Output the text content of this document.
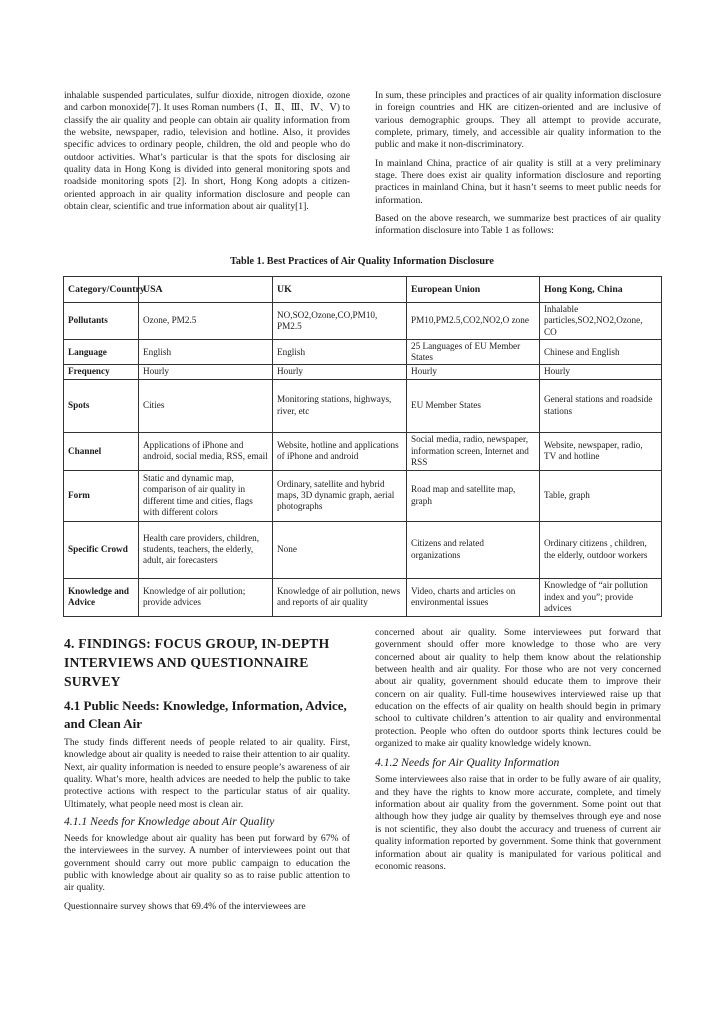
inhalable suspended particulates, sulfur dioxide, nitrogen dioxide, ozone and carbon monoxide[7]. It uses Roman numbers (Ⅰ、Ⅱ、Ⅲ、Ⅳ、Ⅴ) to classify the air quality and people can obtain air quality information from the website, newspaper, radio, television and hotline. Also, it provides specific advices to ordinary people, children, the old and people who do outdoor activities. What’s particular is that the spots for disclosing air quality data in Hong Kong is divided into general monitoring spots and roadside monitoring spots [2]. In short, Hong Kong adopts a citizen-oriented approach in air quality information disclosure and people can obtain clear, scientific and true information about air quality[1].

In sum, these principles and practices of air quality information disclosure in foreign countries and HK are citizen-oriented and are inclusive of various demographic groups. They all attempt to provide accurate, complete, primary, timely, and accessible air quality information to the public and make it non-discriminatory.

In mainland China, practice of air quality is still at a very preliminary stage. There does exist air quality information disclosure and reporting practices in mainland China, but it hasn’t seems to meet public needs for information.

Based on the above research, we summarize best practices of air quality information disclosure into Table 1 as follows:

Table 1. Best Practices of Air Quality Information Disclosure
Category/Country	USA	UK	European Union	Hong Kong, China
Pollutants	Ozone, PM2.5	NO,SO2,Ozone,CO,PM10, PM2.5	PM10,PM2.5,CO2,NO2,O zone	Inhalable particles,SO2,NO2,Ozone, CO
Language	English	English	25 Languages of EU Member States	Chinese and English
Frequency	Hourly	Hourly	Hourly	Hourly
Spots	Cities	Monitoring stations, highways, river, etc	EU Member States	General stations and roadside stations
Channel	Applications of iPhone and android, social media, RSS, email	Website, hotline and applications of iPhone and android	Social media, radio, newspaper, information screen, Internet and RSS	Website, newspaper, radio, TV and hotline
Form	Static and dynamic map, comparison of air quality in different time and cities, flags with different colors	Ordinary, satellite and hybrid maps, 3D dynamic graph, aerial photographs	Road map and satellite map, graph	Table, graph
Specific Crowd	Health care providers, children, students, teachers, the elderly, adult, air forecasters	None	Citizens and related organizations	Ordinary citizens , children, the elderly, outdoor workers
Knowledge and Advice	Knowledge of air pollution; provide advices	Knowledge of air pollution, news and reports of air quality	Video, charts and articles on environmental issues	Knowledge of “air pollution index and you”; provide advices
4. FINDINGS: FOCUS GROUP, IN-DEPTH INTERVIEWS AND QUESTIONNAIRE SURVEY
4.1 Public Needs: Knowledge, Information, Advice, and Clean Air

The study finds different needs of people related to air quality. First, knowledge about air quality is needed to raise their attention to air quality. Next, air quality information is needed to ensure people’s awareness of air quality. What’s more, health advices are needed to help the public to take protective actions with respect to the particular status of air quality. Ultimately, what people need most is clean air.

4.1.1 Needs for Knowledge about Air Quality

Needs for knowledge about air quality has been put forward by 67% of the interviewees in the survey. A number of interviewees point out that government should carry out more public campaign to education the public with knowledge about air quality so as to raise public attention to air quality.

Questionnaire survey shows that 69.4% of the interviewees are

concerned about air quality. Some interviewees put forward that government should offer more knowledge to those who are very concerned about air quality to help them know about the relationship between health and air quality. For those who are not very concerned about air quality, government should educate them to improve their concern on air quality. Full-time housewives interviewed raise up that education on the effects of air quality on health should begin in primary school to cultivate children’s attention to air quality and environmental protection. People who often do outdoor sports think lectures could be organized to make air quality knowledge widely known.

4.1.2 Needs for Air Quality Information

Some interviewees also raise that in order to be fully aware of air quality, and they have the rights to know more accurate, complete, and timely information about air quality from the government. Some point out that although how they judge air quality by themselves through eye and nose is not scientific, they also doubt the accuracy and trueness of current air quality information reported by government. Some think that government information about air quality is manipulated for various political and economic reasons.
